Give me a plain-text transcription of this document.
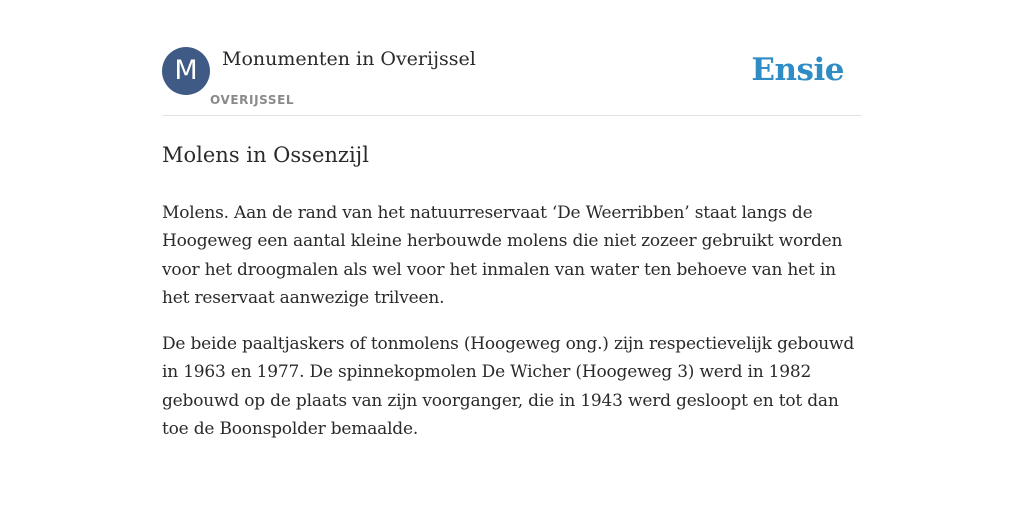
M	Monumenten in Overijssel
OVERIJSSEL
Ensie
Molens in Ossenzijl

Molens. Aan de rand van het natuurreservaat ‘De Weerribben’ staat langs de Hoogeweg een aantal kleine herbouwde molens die niet zozeer gebruikt worden voor het droogmalen als wel voor het inmalen van water ten behoeve van het in het reservaat aanwezige trilveen.

De beide paaltjaskers of tonmolens (Hoogeweg ong.) zijn respectievelijk gebouwd in 1963 en 1977. De spinnekopmolen De Wicher (Hoogeweg 3) werd in 1982 gebouwd op de plaats van zijn voorganger, die in 1943 werd gesloopt en tot dan toe de Boonspolder bemaalde.
